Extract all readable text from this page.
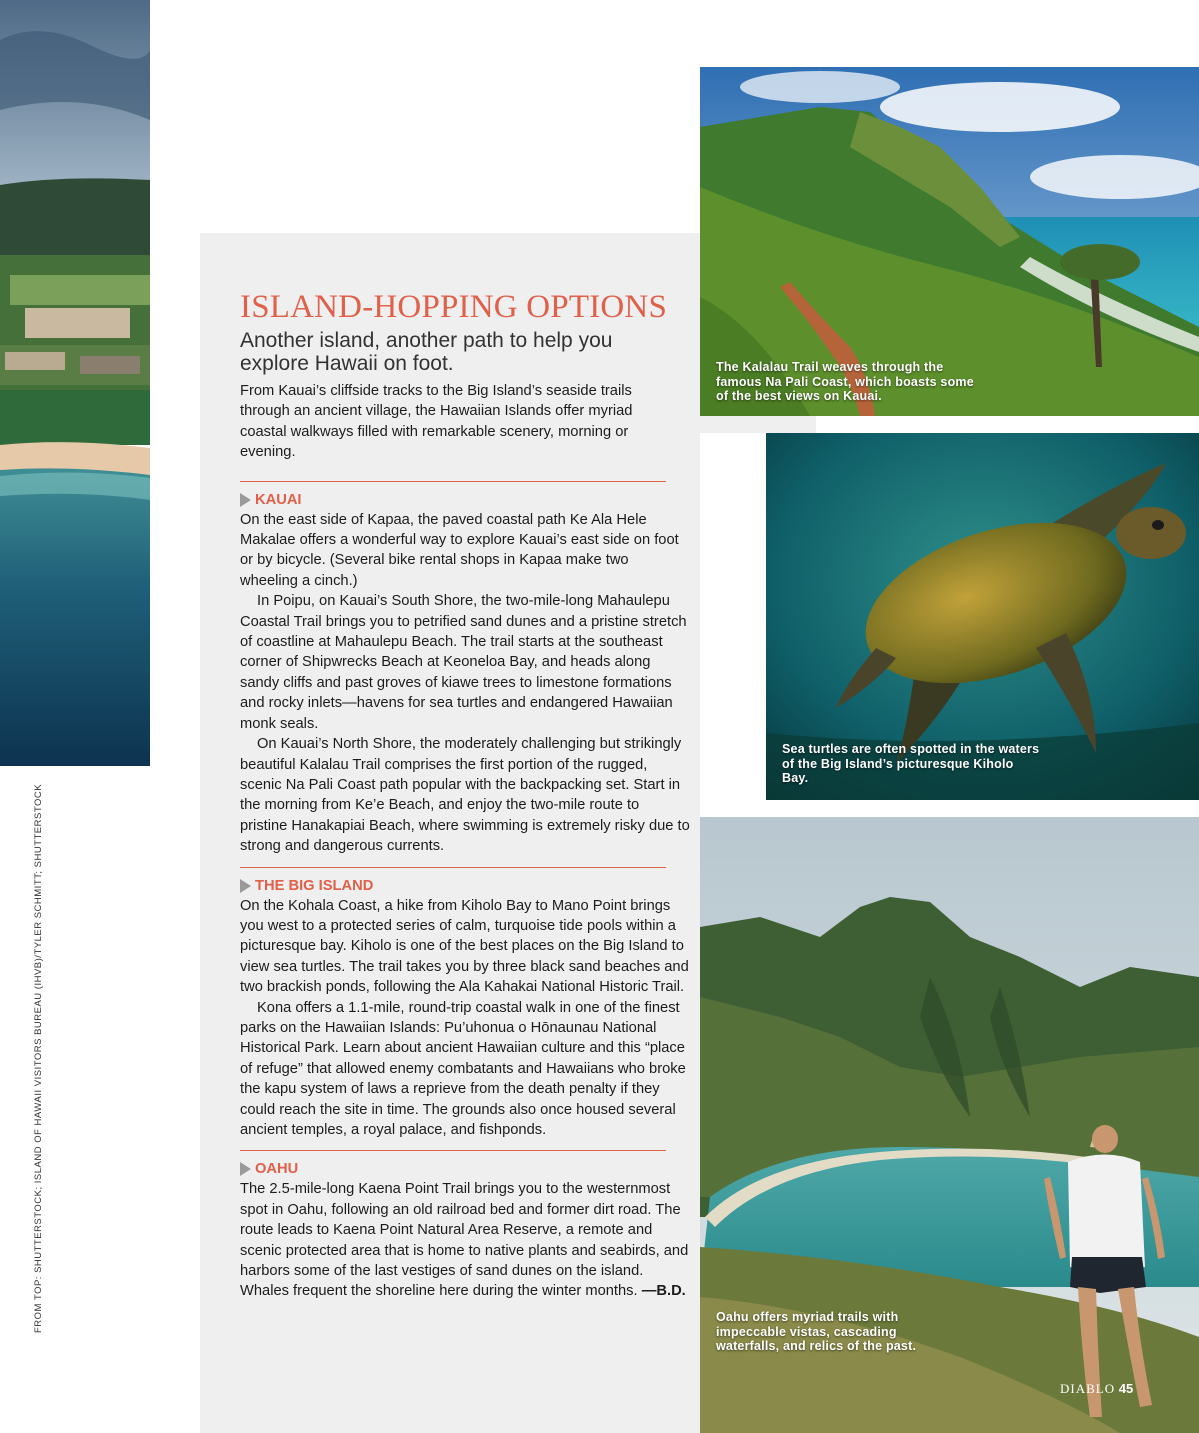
ISLAND-HOPPING OPTIONS

Another island, another path to help you explore Hawaii on foot.

From Kauai’s cliffside tracks to the Big Island’s seaside trails through an ancient village, the Hawaiian Islands offer myriad coastal walkways filled with remarkable scenery, morning or evening.

KAUAI

On the east side of Kapaa, the paved coastal path Ke Ala Hele Makalae offers a wonderful way to explore Kauai’s east side on foot or by bicycle. (Several bike rental shops in Kapaa make two wheeling a cinch.)

In Poipu, on Kauai’s South Shore, the two-mile-long Mahaulepu Coastal Trail brings you to petrified sand dunes and a pristine stretch of coastline at Mahaulepu Beach. The trail starts at the southeast corner of Shipwrecks Beach at Keoneloa Bay, and heads along sandy cliffs and past groves of kiawe trees to limestone formations and rocky inlets—havens for sea turtles and endangered Hawaiian monk seals.

On Kauai’s North Shore, the moderately challenging but strikingly beautiful Kalalau Trail comprises the first portion of the rugged, scenic Na Pali Coast path popular with the backpacking set. Start in the morning from Ke’e Beach, and enjoy the two-mile route to pristine Hanakapiai Beach, where swimming is extremely risky due to strong and dangerous currents.

THE BIG ISLAND

On the Kohala Coast, a hike from Kiholo Bay to Mano Point brings you west to a protected series of calm, turquoise tide pools within a picturesque bay. Kiholo is one of the best places on the Big Island to view sea turtles. The trail takes you by three black sand beaches and two brackish ponds, following the Ala Kahakai National Historic Trail.

Kona offers a 1.1-mile, round-trip coastal walk in one of the finest parks on the Hawaiian Islands: Pu’uhonua o Hōnaunau National Historical Park. Learn about ancient Hawaiian culture and this “place of refuge” that allowed enemy combatants and Hawaiians who broke the kapu system of laws a reprieve from the death penalty if they could reach the site in time. The grounds also once housed several ancient temples, a royal palace, and fishponds.

OAHU

The 2.5-mile-long Kaena Point Trail brings you to the westernmost spot in Oahu, following an old railroad bed and former dirt road. The route leads to Kaena Point Natural Area Reserve, a remote and scenic protected area that is home to native plants and seabirds, and harbors some of the last vestiges of sand dunes on the island. Whales frequent the shoreline here during the winter months. —B.D.

The Kalalau Trail weaves through the famous Na Pali Coast, which boasts some of the best views on Kauai.
Sea turtles are often spotted in the waters of the Big Island’s picturesque Kiholo Bay.
Oahu offers myriad trails with impeccable vistas, cascading waterfalls, and relics of the past.
FROM TOP: SHUTTERSTOCK; ISLAND OF HAWAII VISITORS BUREAU (IHVB)/TYLER SCHMITT; SHUTTERSTOCK
DIABLO 45
